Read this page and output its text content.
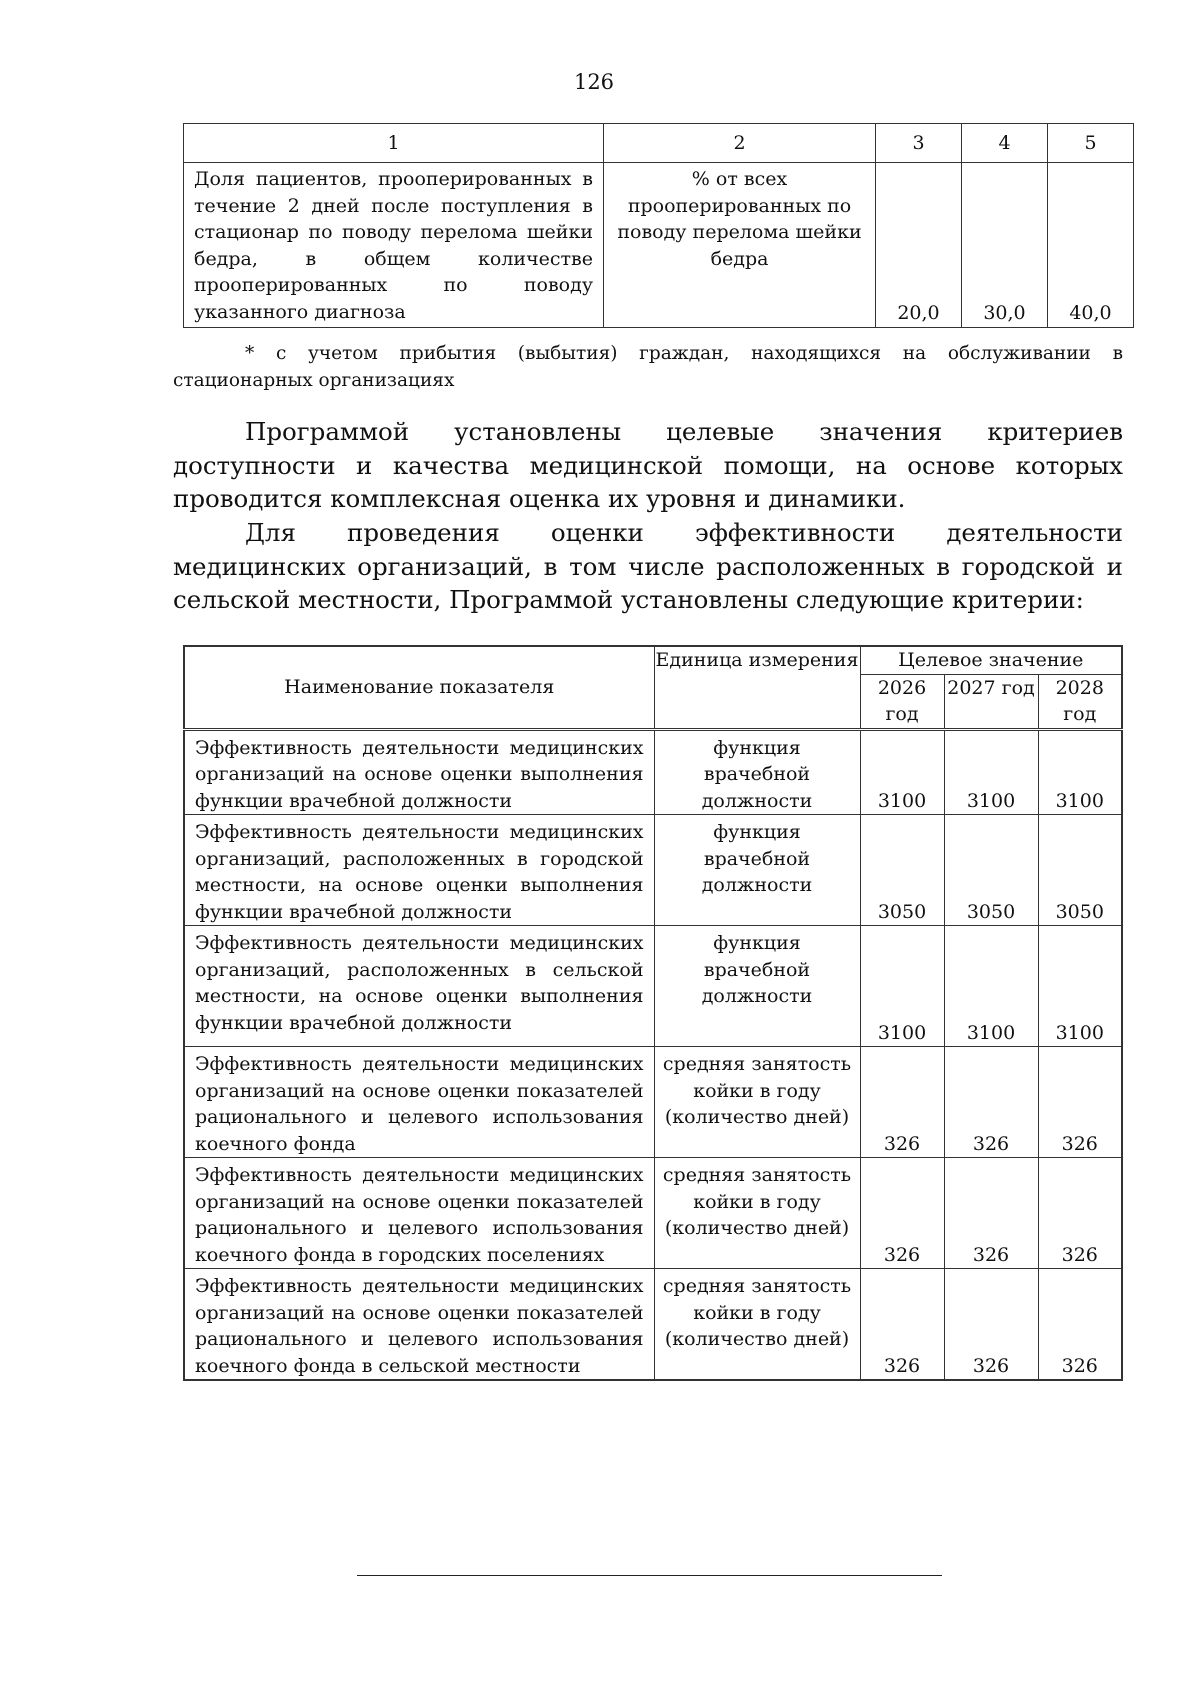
126
1	2	3	4	5
Доля пациентов, прооперированных в течение 2 дней после поступления в стационар по поводу перелома шейки бедра, в общем количестве прооперированных по поводу указанного диагноза	% от всех прооперированных по поводу перелома шейки бедра	20,0	30,0	40,0
* с учетом прибытия (выбытия) граждан, находящихся на обслуживании в стационарных организациях
Программой установлены целевые значения критериев доступности и качества медицинской помощи, на основе которых проводится комплексная оценка их уровня и динамики.
Для проведения оценки эффективности деятельности медицинских организаций, в том числе расположенных в городской и сельской местности, Программой установлены следующие критерии:
Наименование показателя	Единица измерения	Целевое значение		
		2026 год	2027 год	2028 год
Эффективность деятельности медицинских организаций на основе оценки выполнения функции врачебной должности	функция врачебной должности	3100	3100	3100
Эффективность деятельности медицинских организаций, расположенных в городской местности, на основе оценки выполнения функции врачебной должности	функция врачебной должности	3050	3050	3050
Эффективность деятельности медицинских организаций, расположенных в сельской местности, на основе оценки выполнения функции врачебной должности	функция врачебной должности	3100	3100	3100
Эффективность деятельности медицинских организаций на основе оценки показателей рационального и целевого использования коечного фонда	средняя занятость койки в году (количество дней)	326	326	326
Эффективность деятельности медицинских организаций на основе оценки показателей рационального и целевого использования коечного фонда в городских поселениях	средняя занятость койки в году (количество дней)	326	326	326
Эффективность деятельности медицинских организаций на основе оценки показателей рационального и целевого использования коечного фонда в сельской местности	средняя занятость койки в году (количество дней)	326	326	326
